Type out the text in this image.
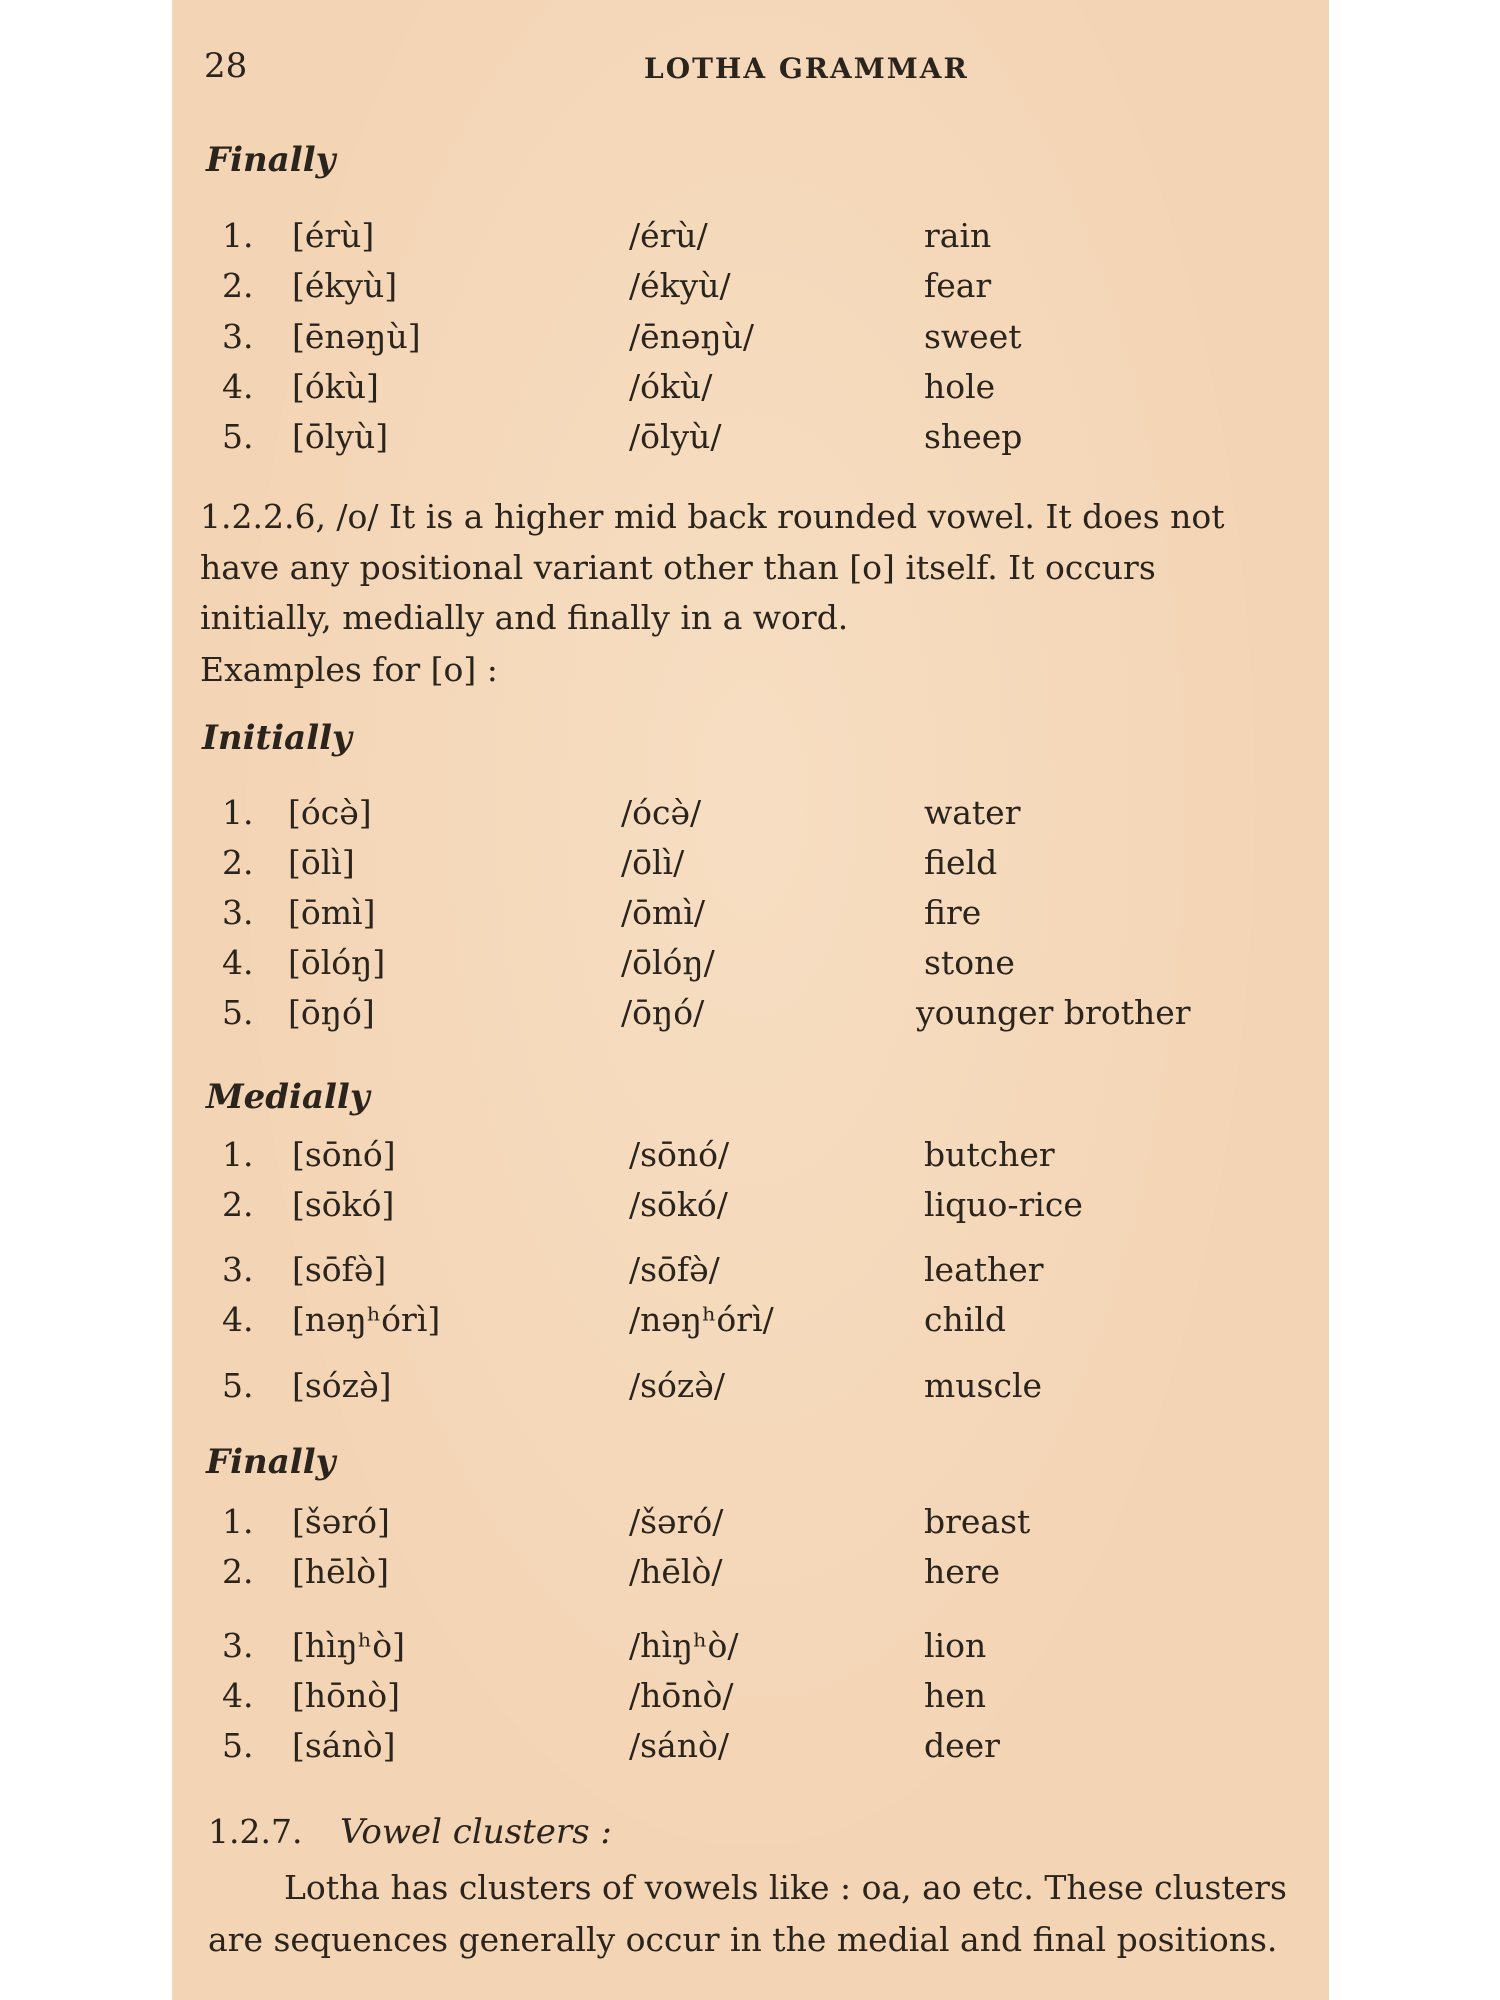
28	LOTHA GRAMMAR
Finally
1. [érù]	/érù/	rain
2. [ékyù]	/ékyù/	fear
3. [ēnəŋù]	/ēnəŋù/	sweet
4. [ókù]	/ókù/	hole
5. [ōlyù]	/ōlyù/	sheep
1.2.2.6, /o/ It is a higher mid back rounded vowel. It does not
have any positional variant other than [o] itself. It occurs
initially, medially and finally in a word.
Examples for [o] :
Initially
1. [ócə̀]	/ócə̀/	water
2. [ōlì]	/ōlì/	field
3. [ōmì]	/ōmì/	fire
4. [ōlóŋ]	/ōlóŋ/	stone
5. [ōŋó]	/ōŋó/	younger brother
Medially
1. [sōnó]	/sōnó/	butcher
2. [sōkó]	/sōkó/	liquo-rice
3. [sōfə̀]	/sōfə̀/	leather
4. [nəŋʰórì]	/nəŋʰórì/	child
5. [sózə̀]	/sózə̀/	muscle
Finally
1. [šəró]	/šəró/	breast
2. [hēlò]	/hēlò/	here
3. [hìŋʰò]	/hìŋʰò/	lion
4. [hōnò]	/hōnò/	hen
5. [sánò]	/sánò/	deer
1.2.7. Vowel clusters :
Lotha has clusters of vowels like : oa, ao etc. These clusters
are sequences generally occur in the medial and final positions.
